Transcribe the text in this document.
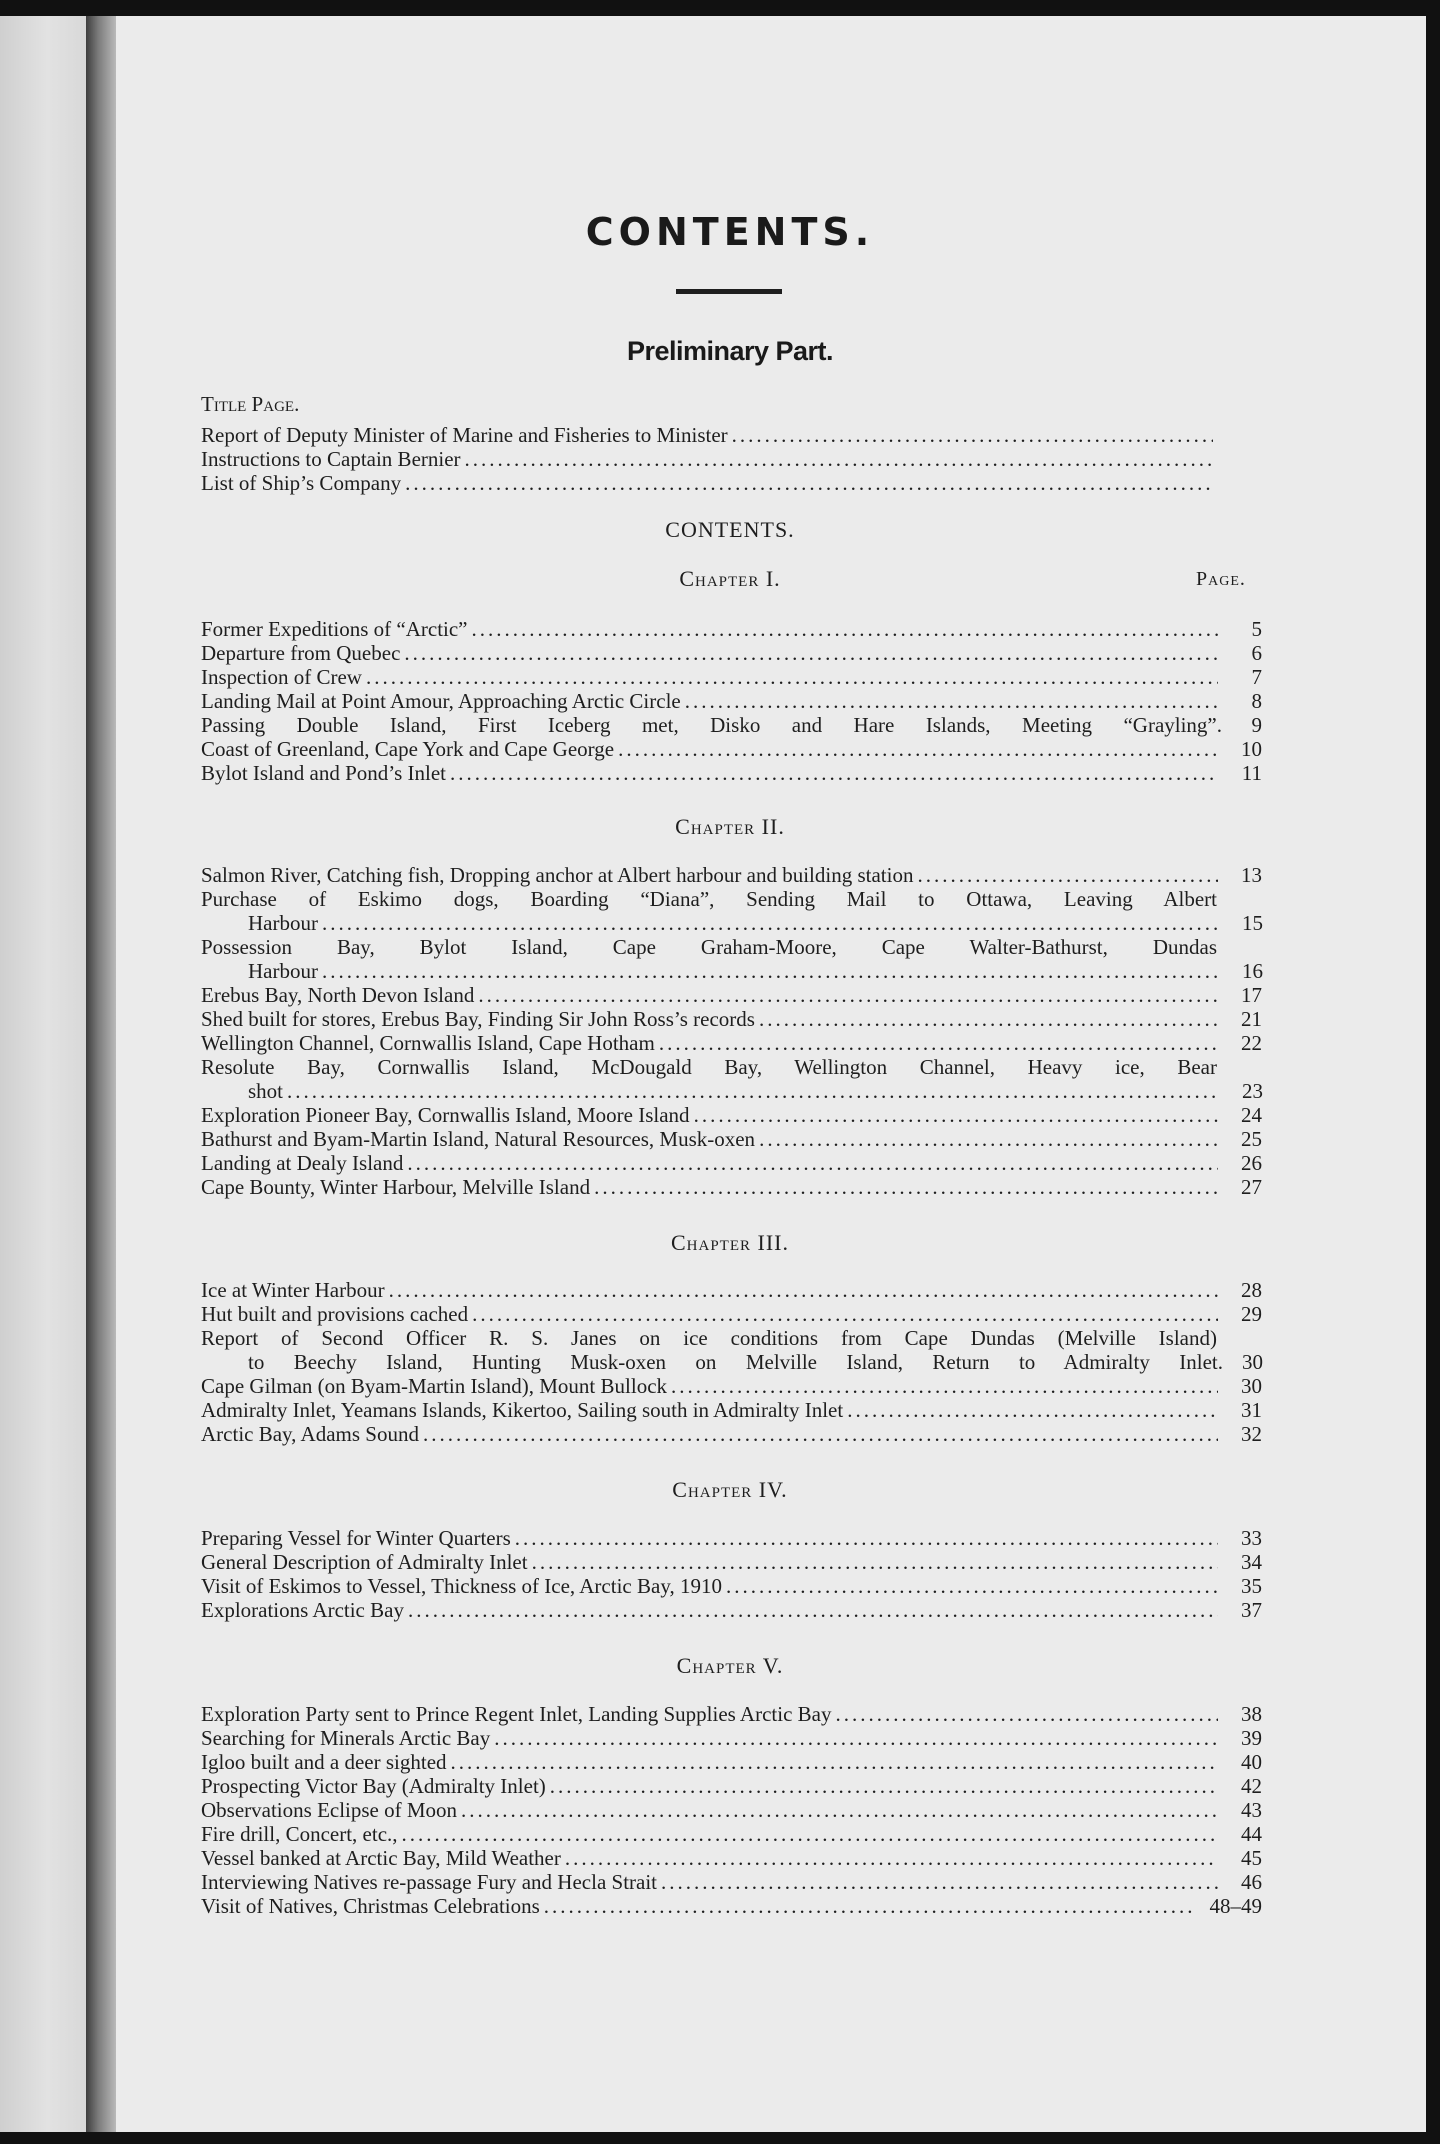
CONTENTS.
Preliminary Part.
Title Page.
Report of Deputy Minister of Marine and Fisheries to Minister
.....
Instructions to Captain Bernier
.....
List of Ship’s Company
.....
CONTENTS.
Chapter I.	Page.
Former Expeditions of “Arctic” .....	5
Departure from Quebec .....	6
Inspection of Crew .....	7
Landing Mail at Point Amour, Approaching Arctic Circle .....	8
Passing Double Island, First Iceberg met, Disko and Hare Islands, Meeting “Grayling”.	9
Coast of Greenland, Cape York and Cape George .....	10
Bylot Island and Pond’s Inlet .....	11
Chapter II.
Salmon River, Catching fish, Dropping anchor at Albert harbour and building station .....	13
Purchase of Eskimo dogs, Boarding “Diana”, Sending Mail to Ottawa, Leaving Albert
Harbour .....	15
Possession Bay, Bylot Island, Cape Graham-Moore, Cape Walter-Bathurst, Dundas
Harbour .....	16
Erebus Bay, North Devon Island .....	17
Shed built for stores, Erebus Bay, Finding Sir John Ross’s records .....	21
Wellington Channel, Cornwallis Island, Cape Hotham .....	22
Resolute Bay, Cornwallis Island, McDougald Bay, Wellington Channel, Heavy ice, Bear
shot .....	23
Exploration Pioneer Bay, Cornwallis Island, Moore Island .....	24
Bathurst and Byam-Martin Island, Natural Resources, Musk-oxen .....	25
Landing at Dealy Island .....	26
Cape Bounty, Winter Harbour, Melville Island .....	27
Chapter III.
Ice at Winter Harbour .....	28
Hut built and provisions cached .....	29
Report of Second Officer R. S. Janes on ice conditions from Cape Dundas (Melville Island)
to Beechy Island, Hunting Musk-oxen on Melville Island, Return to Admiralty Inlet. 30
Cape Gilman (on Byam-Martin Island), Mount Bullock .....	30
Admiralty Inlet, Yeamans Islands, Kikertoo, Sailing south in Admiralty Inlet .....	31
Arctic Bay, Adams Sound .....	32
Chapter IV.
Preparing Vessel for Winter Quarters .....	33
General Description of Admiralty Inlet .....	34
Visit of Eskimos to Vessel, Thickness of Ice, Arctic Bay, 1910 .....	35
Explorations Arctic Bay .....	37
Chapter V.
Exploration Party sent to Prince Regent Inlet, Landing Supplies Arctic Bay .....	38
Searching for Minerals Arctic Bay .....	39
Igloo built and a deer sighted .....	40
Prospecting Victor Bay (Admiralty Inlet) .....	42
Observations Eclipse of Moon .....	43
Fire drill, Concert, etc., .....	44
Vessel banked at Arctic Bay, Mild Weather .....	45
Interviewing Natives re-passage Fury and Hecla Strait .....	46
Visit of Natives, Christmas Celebrations .....	48–49
